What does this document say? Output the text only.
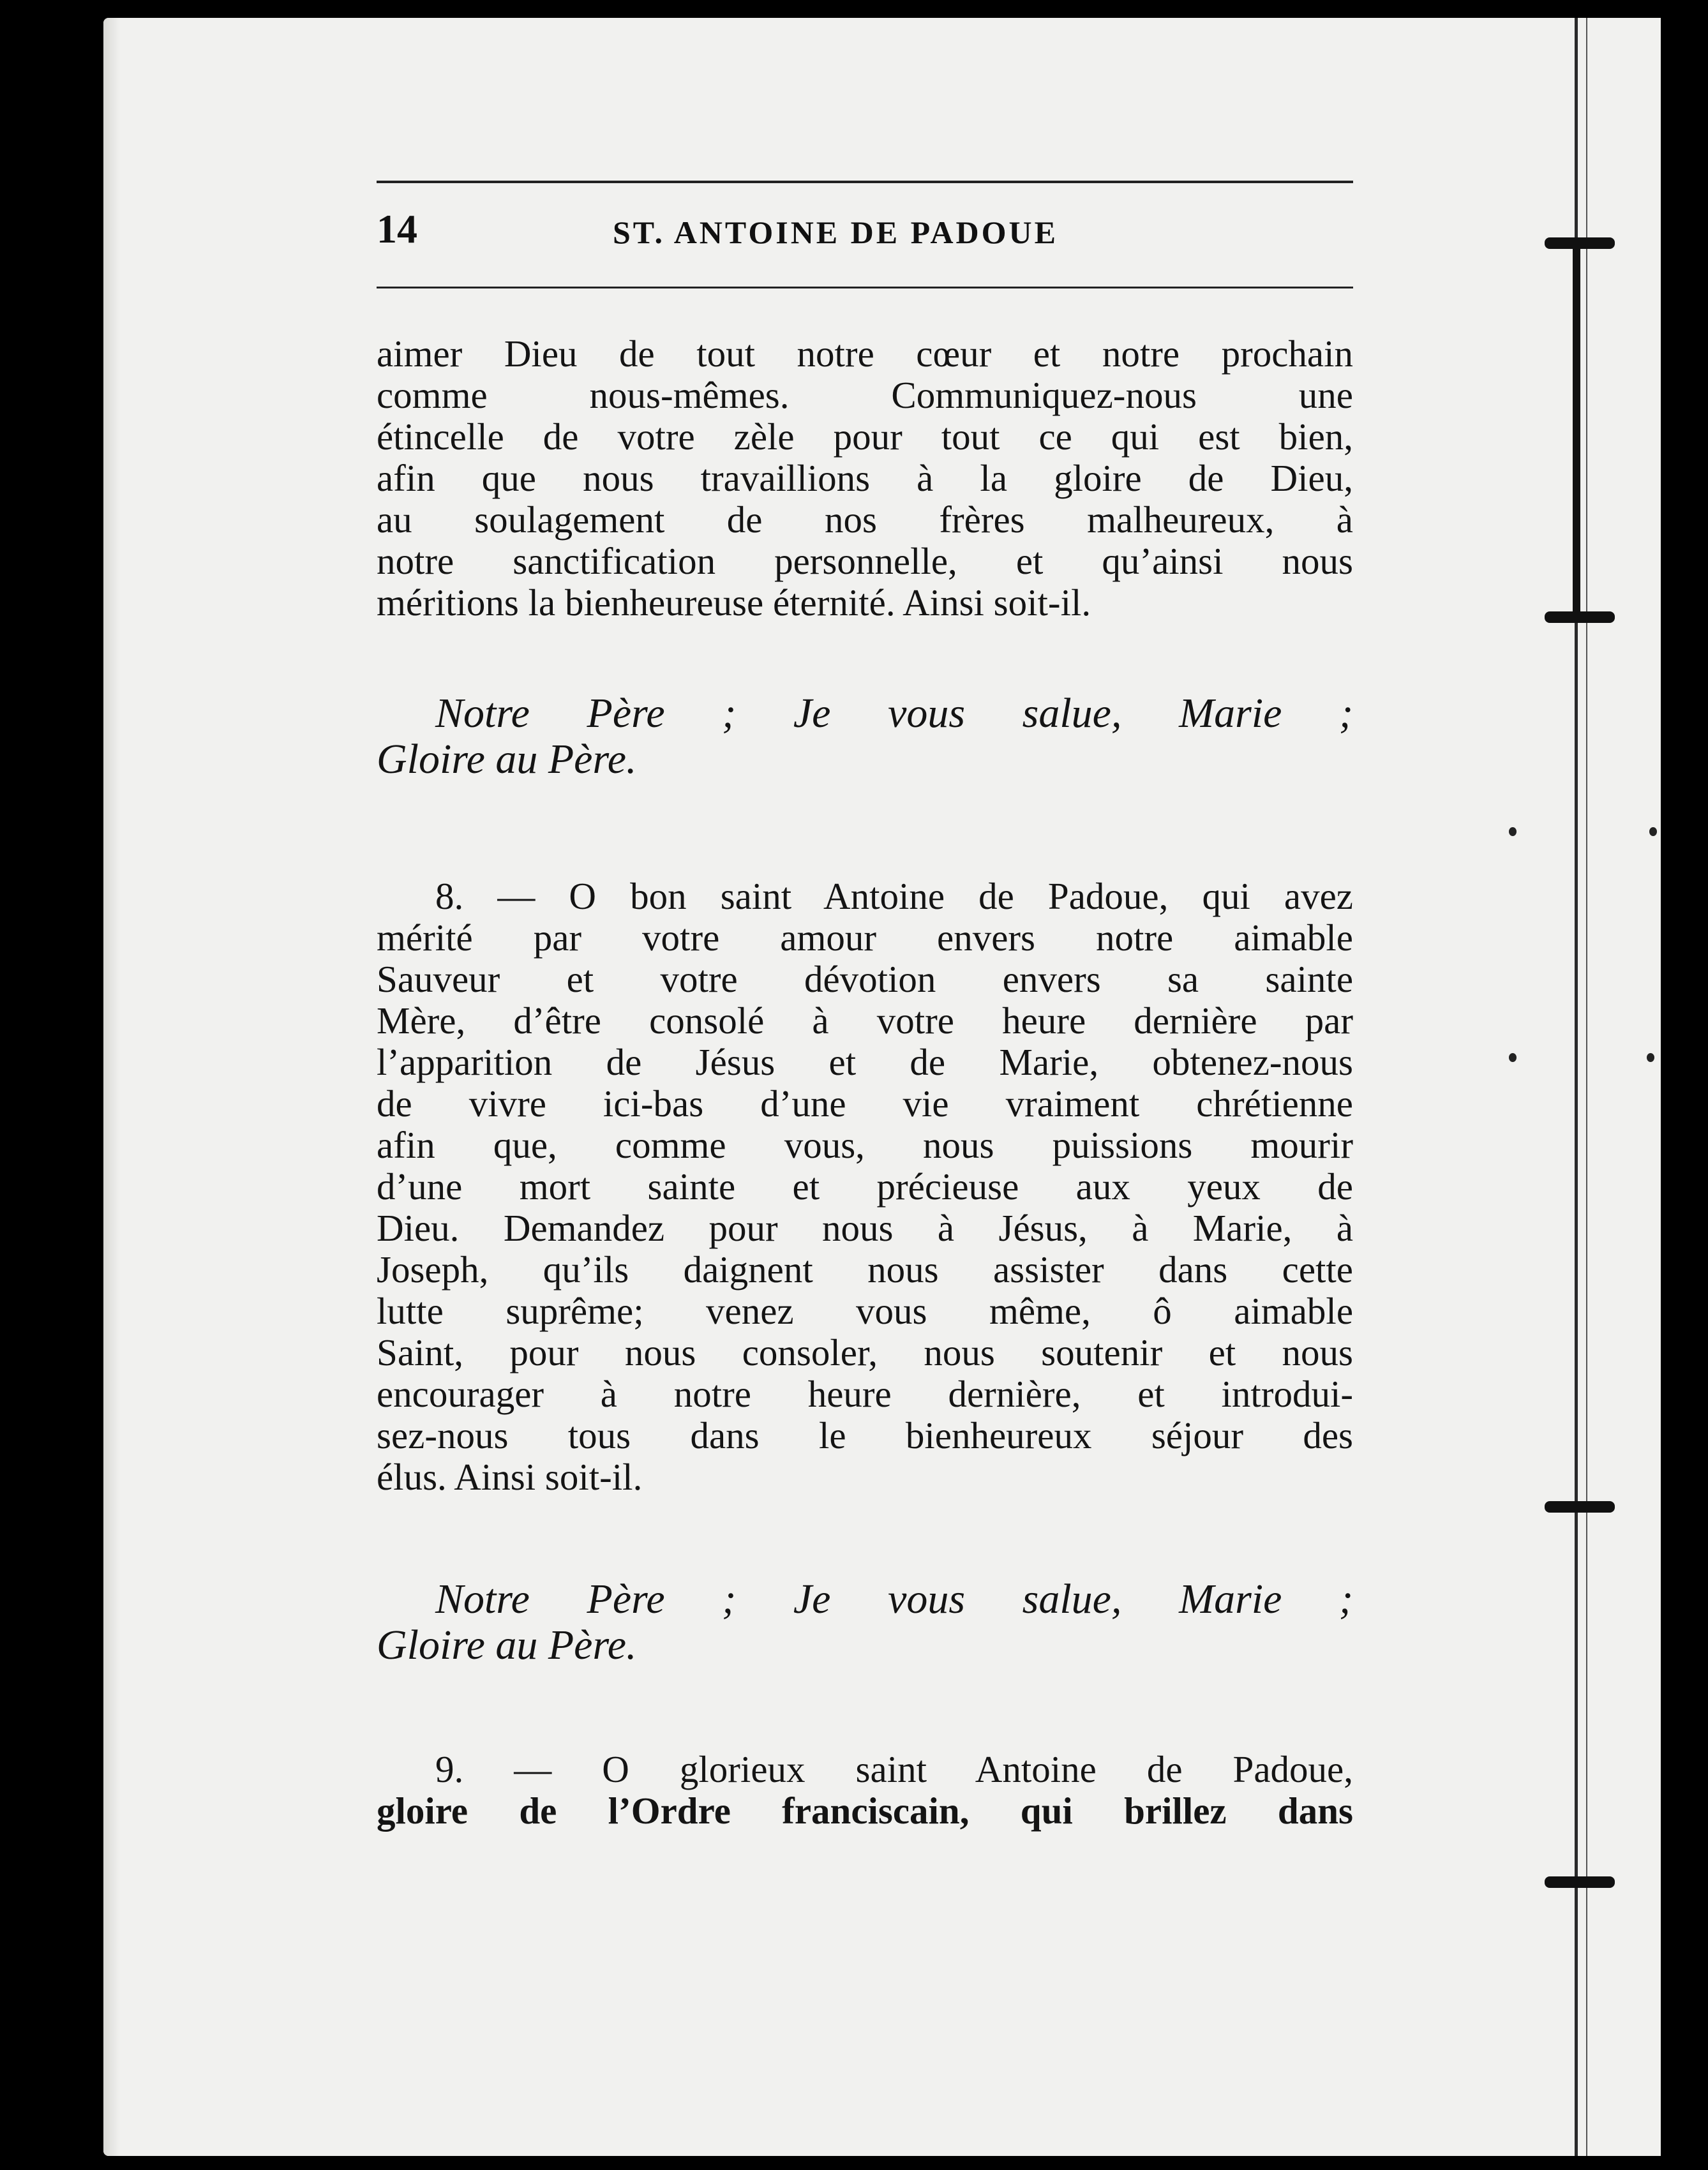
14	ST. ANTOINE DE PADOUE

aimer Dieu de tout notre cœur et notre prochain
comme nous-mêmes. Communiquez-nous une
étincelle de votre zèle pour tout ce qui est bien,
afin que nous travaillions à la gloire de Dieu,
au soulagement de nos frères malheureux, à
notre sanctification personnelle, et qu’ainsi nous
méritions la bienheureuse éternité. Ainsi soit-il.

Notre Père ; Je vous salue, Marie ;
Gloire au Père.

8. — O bon saint Antoine de Padoue, qui avez
mérité par votre amour envers notre aimable
Sauveur et votre dévotion envers sa sainte
Mère, d’être consolé à votre heure dernière par
l’apparition de Jésus et de Marie, obtenez-nous
de vivre ici-bas d’une vie vraiment chrétienne
afin que, comme vous, nous puissions mourir
d’une mort sainte et précieuse aux yeux de
Dieu. Demandez pour nous à Jésus, à Marie, à
Joseph, qu’ils daignent nous assister dans cette
lutte suprême; venez vous même, ô aimable
Saint, pour nous consoler, nous soutenir et nous
encourager à notre heure dernière, et introdui-
sez-nous tous dans le bienheureux séjour des
élus. Ainsi soit-il.

Notre Père ; Je vous salue, Marie ;
Gloire au Père.

9. — O glorieux saint Antoine de Padoue,
gloire de l’Ordre franciscain, qui brillez dans
